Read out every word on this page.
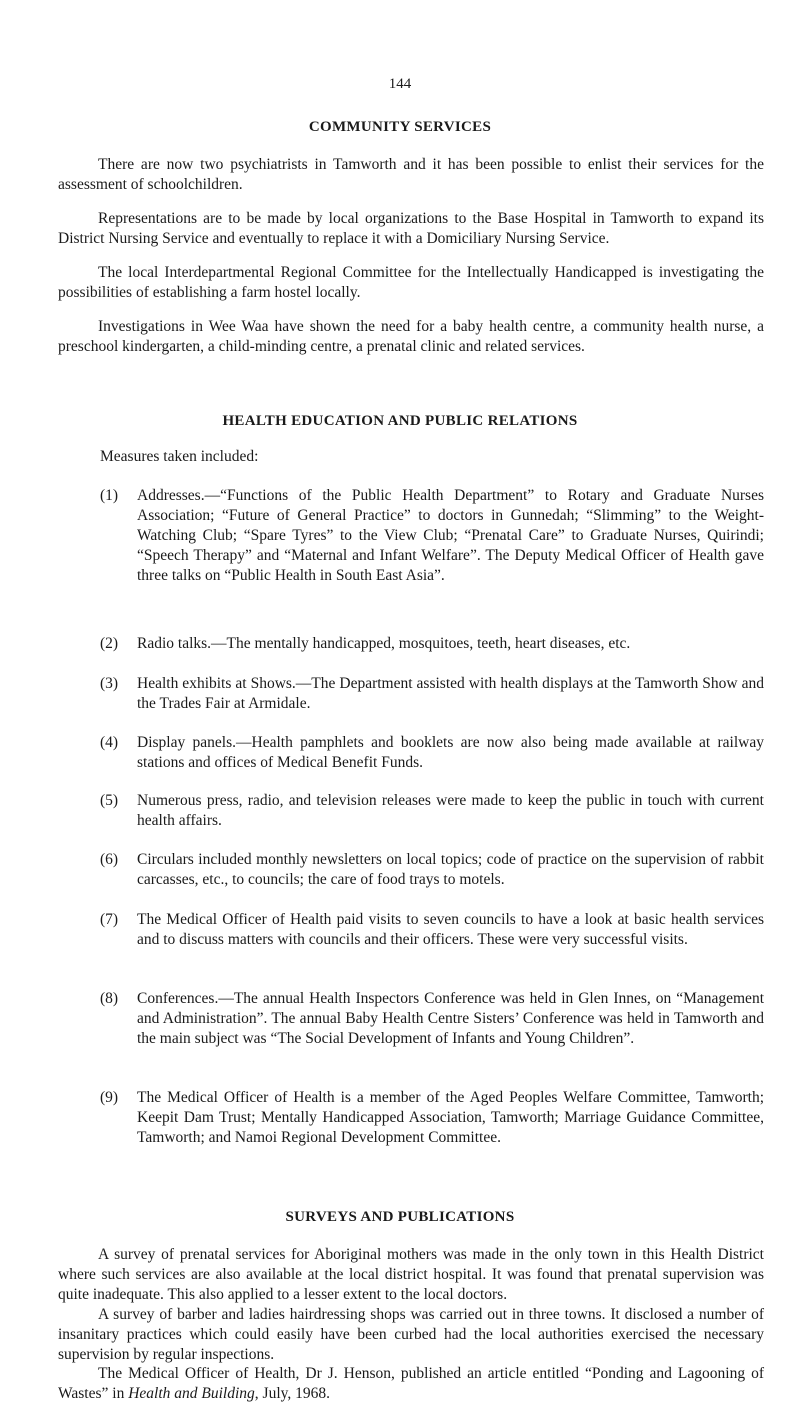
144
COMMUNITY SERVICES

There are now two psychiatrists in Tamworth and it has been possible to enlist their services for the assessment of schoolchildren.

Representations are to be made by local organizations to the Base Hospital in Tamworth to expand its District Nursing Service and eventually to replace it with a Domiciliary Nursing Service.

The local Interdepartmental Regional Committee for the Intellectually Handicapped is investigating the possibilities of establishing a farm hostel locally.

Investigations in Wee Waa have shown the need for a baby health centre, a community health nurse, a preschool kindergarten, a child-minding centre, a prenatal clinic and related services.

HEALTH EDUCATION AND PUBLIC RELATIONS
Measures taken included:
(1)	Addresses.—“Functions of the Public Health Department” to Rotary and Graduate Nurses Association; “Future of General Practice” to doctors in Gunnedah; “Slimming” to the Weight-Watching Club; “Spare Tyres” to the View Club; “Prenatal Care” to Graduate Nurses, Quirindi; “Speech Therapy” and “Maternal and Infant Welfare”. The Deputy Medical Officer of Health gave three talks on “Public Health in South East Asia”.
(2)	Radio talks.—The mentally handicapped, mosquitoes, teeth, heart diseases, etc.
(3)	Health exhibits at Shows.—The Department assisted with health displays at the Tamworth Show and the Trades Fair at Armidale.
(4)	Display panels.—Health pamphlets and booklets are now also being made available at railway stations and offices of Medical Benefit Funds.
(5)	Numerous press, radio, and television releases were made to keep the public in touch with current health affairs.
(6)	Circulars included monthly newsletters on local topics; code of practice on the supervision of rabbit carcasses, etc., to councils; the care of food trays to motels.
(7)	The Medical Officer of Health paid visits to seven councils to have a look at basic health services and to discuss matters with councils and their officers. These were very successful visits.
(8)	Conferences.—The annual Health Inspectors Conference was held in Glen Innes, on “Management and Administration”. The annual Baby Health Centre Sisters’ Conference was held in Tamworth and the main subject was “The Social Development of Infants and Young Children”.
(9)	The Medical Officer of Health is a member of the Aged Peoples Welfare Committee, Tamworth; Keepit Dam Trust; Mentally Handicapped Association, Tamworth; Marriage Guidance Committee, Tamworth; and Namoi Regional Development Committee.
SURVEYS AND PUBLICATIONS

A survey of prenatal services for Aboriginal mothers was made in the only town in this Health District where such services are also available at the local district hospital. It was found that prenatal supervision was quite inadequate. This also applied to a lesser extent to the local doctors.

A survey of barber and ladies hairdressing shops was carried out in three towns. It disclosed a number of insanitary practices which could easily have been curbed had the local authorities exercised the necessary supervision by regular inspections.

The Medical Officer of Health, Dr J. Henson, published an article entitled “Ponding and Lagooning of Wastes” in Health and Building, July, 1968.
